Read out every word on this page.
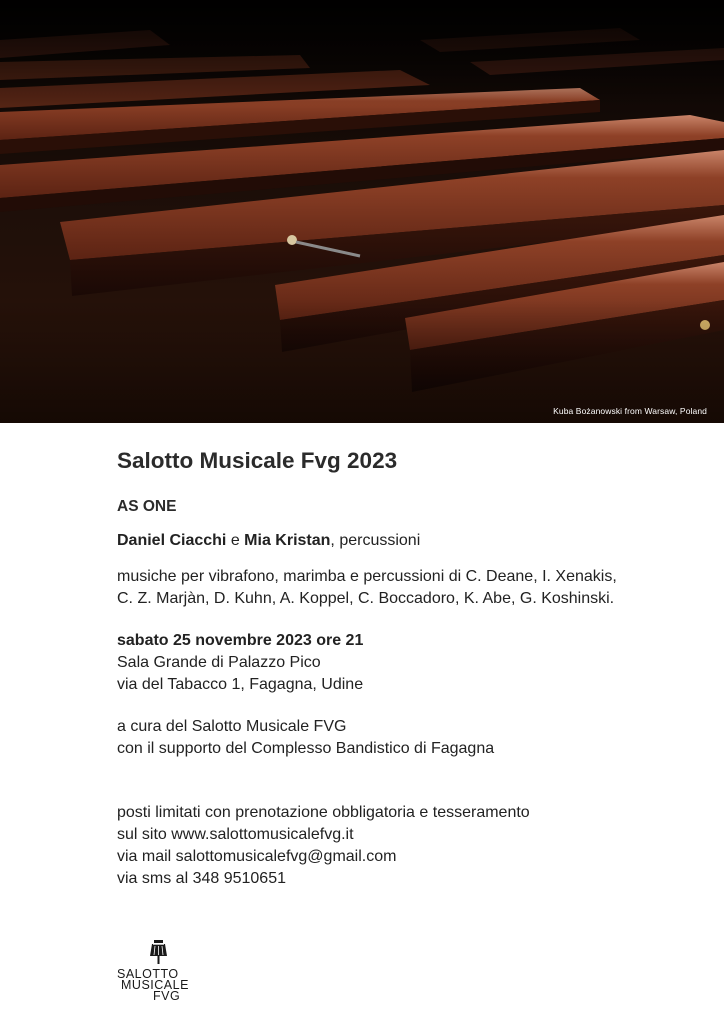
Kuba Bożanowski from Warsaw, Poland
Salotto Musicale Fvg 2023
AS ONE
Daniel Ciacchi e Mia Kristan, percussioni
musiche per vibrafono, marimba e percussioni di C. Deane, I. Xenakis,
C. Z. Marjàn, D. Kuhn, A. Koppel, C. Boccadoro, K. Abe, G. Koshinski.
sabato 25 novembre 2023 ore 21
Sala Grande di Palazzo Pico
via del Tabacco 1, Fagagna, Udine
a cura del Salotto Musicale FVG
con il supporto del Complesso Bandistico di Fagagna
posti limitati con prenotazione obbligatoria e tesseramento
sul sito www.salottomusicalefvg.it
via mail salottomusicalefvg@gmail.com
via sms al 348 9510651
SALOTTO
MUSICALE
FVG
